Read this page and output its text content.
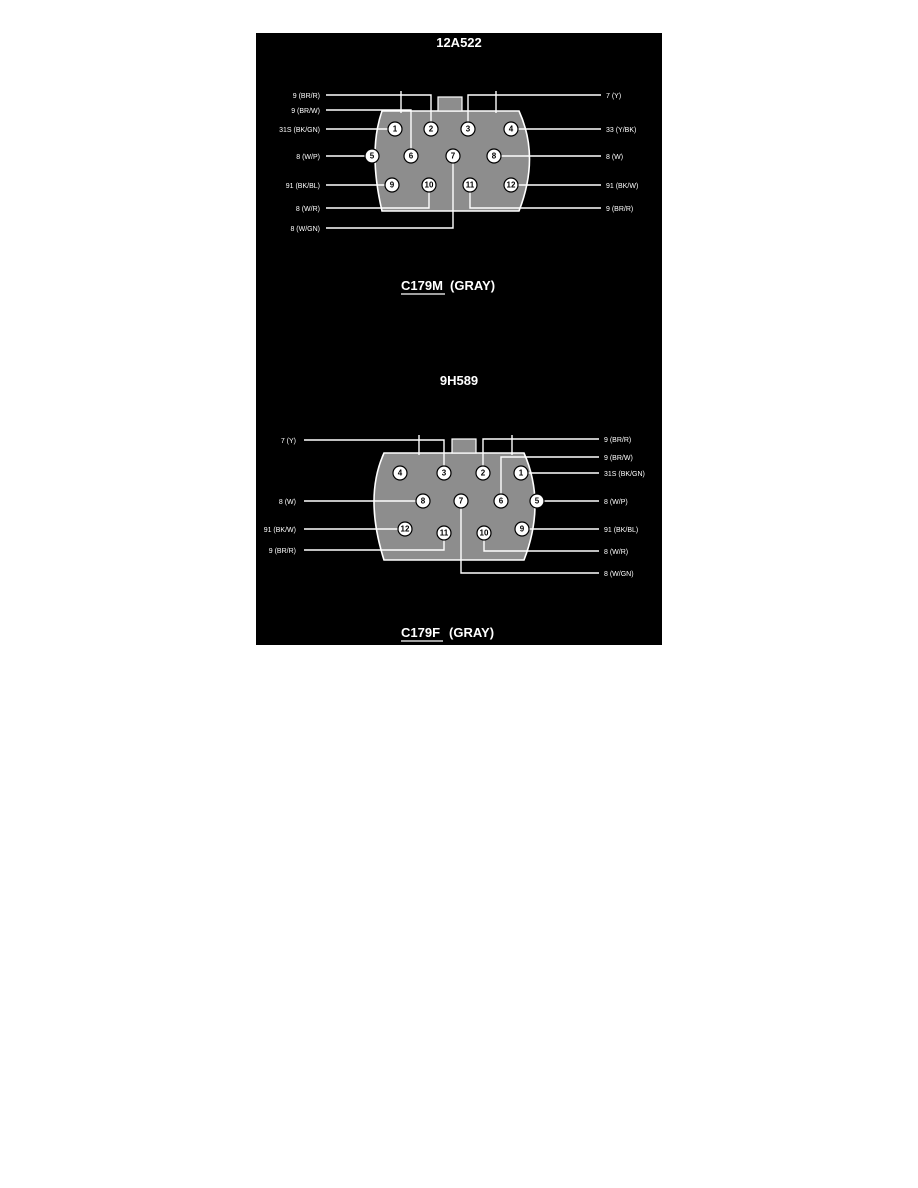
12A522
1	2	3	4
5	6	7	8
9	10	11	12
9 (BR/R)
9 (BR/W)
31S (BK/GN)
8 (W/P)
91 (BK/BL)
8 (W/R)
8 (W/GN)
7 (Y)
33 (Y/BK)
8 (W)
91 (BK/W)
9 (BR/R)
C179M (GRAY)
9H589
4	3	2	1
8	7	6	5
12	11	10	9
7 (Y)
8 (W)
91 (BK/W)
9 (BR/R)
9 (BR/R)
9 (BR/W)
31S (BK/GN)
8 (W/P)
91 (BK/BL)
8 (W/R)
8 (W/GN)
C179F (GRAY)
